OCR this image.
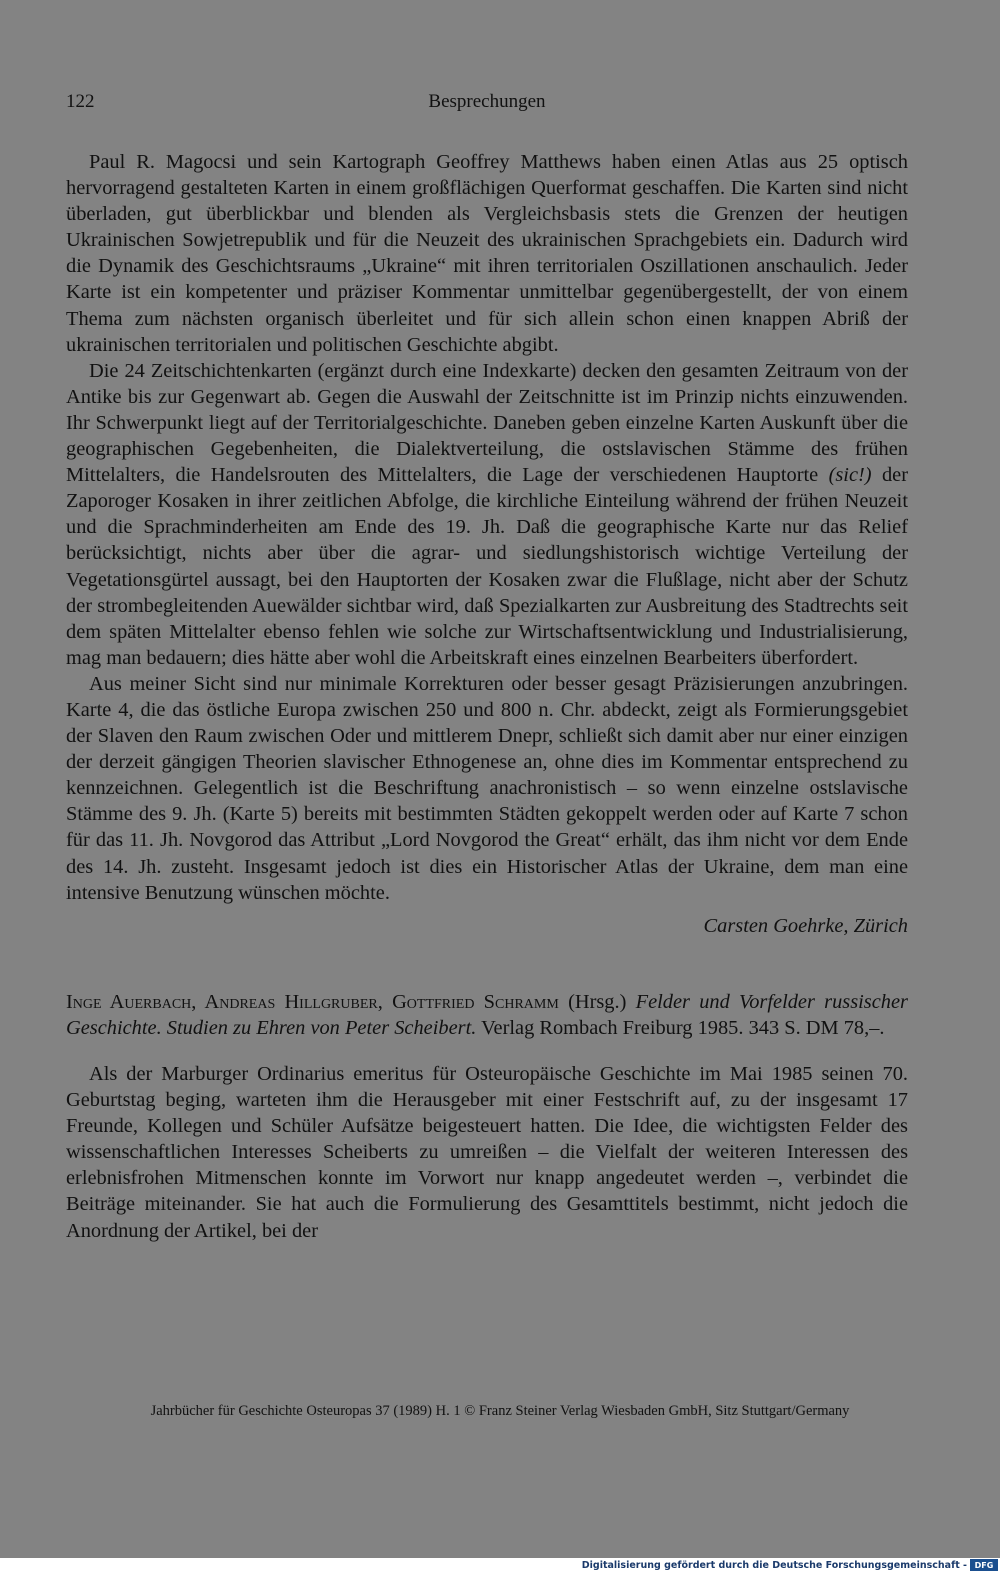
122	Besprechungen

Paul R. Magocsi und sein Kartograph Geoffrey Matthews haben einen Atlas aus 25 optisch hervorragend gestalteten Karten in einem großflächigen Querformat geschaffen. Die Karten sind nicht überladen, gut überblickbar und blenden als Vergleichsbasis stets die Grenzen der heutigen Ukrainischen Sowjetrepublik und für die Neuzeit des ukrainischen Sprachgebiets ein. Dadurch wird die Dynamik des Geschichtsraums „Ukraine“ mit ihren territorialen Oszillationen anschaulich. Jeder Karte ist ein kompetenter und präziser Kommentar unmittelbar gegenübergestellt, der von einem Thema zum nächsten organisch überleitet und für sich allein schon einen knappen Abriß der ukrainischen territorialen und politischen Geschichte abgibt.

Die 24 Zeitschichtenkarten (ergänzt durch eine Indexkarte) decken den gesamten Zeitraum von der Antike bis zur Gegenwart ab. Gegen die Auswahl der Zeitschnitte ist im Prinzip nichts einzuwenden. Ihr Schwerpunkt liegt auf der Territorialgeschichte. Daneben geben einzelne Karten Auskunft über die geographischen Gegebenheiten, die Dialektverteilung, die ostslavischen Stämme des frühen Mittelalters, die Handelsrouten des Mittelalters, die Lage der verschiedenen Hauptorte (sic!) der Zaporoger Kosaken in ihrer zeitlichen Abfolge, die kirchliche Einteilung während der frühen Neuzeit und die Sprachminderheiten am Ende des 19. Jh. Daß die geographische Karte nur das Relief berücksichtigt, nichts aber über die agrar- und siedlungshistorisch wichtige Verteilung der Vegetationsgürtel aussagt, bei den Hauptorten der Kosaken zwar die Flußlage, nicht aber der Schutz der strombegleitenden Auewälder sichtbar wird, daß Spezialkarten zur Ausbreitung des Stadtrechts seit dem späten Mittelalter ebenso fehlen wie solche zur Wirtschaftsentwicklung und Industrialisierung, mag man bedauern; dies hätte aber wohl die Arbeitskraft eines einzelnen Bearbeiters überfordert.

Aus meiner Sicht sind nur minimale Korrekturen oder besser gesagt Präzisierungen anzubringen. Karte 4, die das östliche Europa zwischen 250 und 800 n. Chr. abdeckt, zeigt als Formierungsgebiet der Slaven den Raum zwischen Oder und mittlerem Dnepr, schließt sich damit aber nur einer einzigen der derzeit gängigen Theorien slavischer Ethnogenese an, ohne dies im Kommentar entsprechend zu kennzeichnen. Gelegentlich ist die Beschriftung anachronistisch – so wenn einzelne ostslavische Stämme des 9. Jh. (Karte 5) bereits mit bestimmten Städten gekoppelt werden oder auf Karte 7 schon für das 11. Jh. Novgorod das Attribut „Lord Novgorod the Great“ erhält, das ihm nicht vor dem Ende des 14. Jh. zusteht. Insgesamt jedoch ist dies ein Historischer Atlas der Ukraine, dem man eine intensive Benutzung wünschen möchte.

Carsten Goehrke, Zürich

Inge Auerbach, Andreas Hillgruber, Gottfried Schramm (Hrsg.) Felder und Vorfelder russischer Geschichte. Studien zu Ehren von Peter Scheibert. Verlag Rombach Freiburg 1985. 343 S. DM 78,–.

Als der Marburger Ordinarius emeritus für Osteuropäische Geschichte im Mai 1985 seinen 70. Geburtstag beging, warteten ihm die Herausgeber mit einer Festschrift auf, zu der insgesamt 17 Freunde, Kollegen und Schüler Aufsätze beigesteuert hatten. Die Idee, die wichtigsten Felder des wissenschaftlichen Interesses Scheiberts zu umreißen – die Vielfalt der weiteren Interessen des erlebnisfrohen Mitmenschen konnte im Vorwort nur knapp angedeutet werden –, verbindet die Beiträge miteinander. Sie hat auch die Formulierung des Gesamttitels bestimmt, nicht jedoch die Anordnung der Artikel, bei der

Jahrbücher für Geschichte Osteuropas 37 (1989) H. 1 © Franz Steiner Verlag Wiesbaden GmbH, Sitz Stuttgart/Germany
Digitalisierung gefördert durch die Deutsche Forschungsgemeinschaft - DFG
